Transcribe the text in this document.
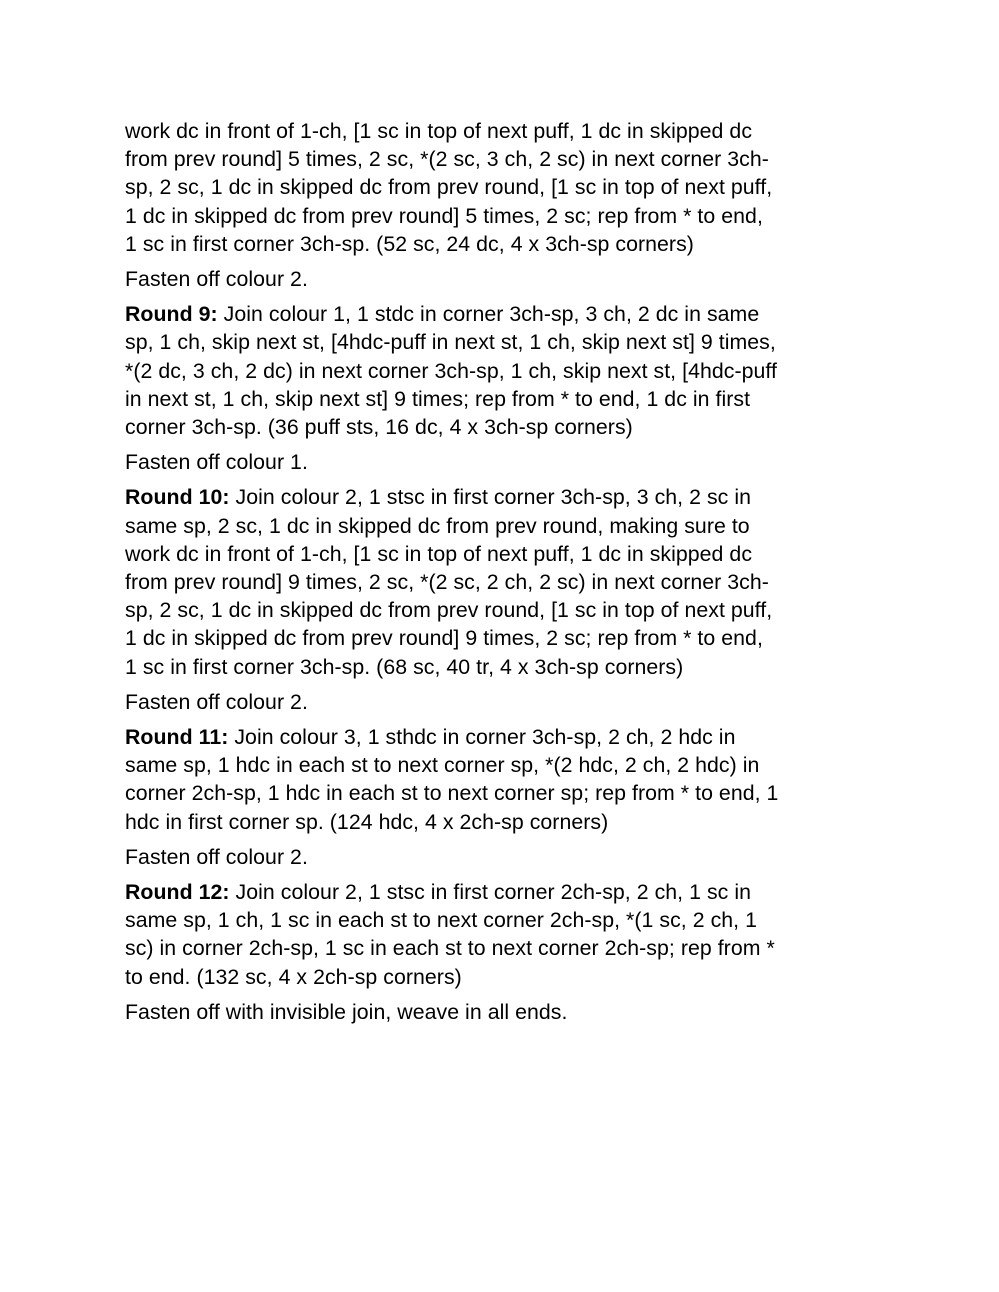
work dc in front of 1-ch, [1 sc in top of next puff, 1 dc in skipped dc
from prev round] 5 times, 2 sc, *(2 sc, 3 ch, 2 sc) in next corner 3ch-
sp, 2 sc, 1 dc in skipped dc from prev round, [1 sc in top of next puff,
1 dc in skipped dc from prev round] 5 times, 2 sc; rep from * to end,
1 sc in first corner 3ch-sp. (52 sc, 24 dc, 4 x 3ch-sp corners)

Fasten off colour 2.

Round 9: Join colour 1, 1 stdc in corner 3ch-sp, 3 ch, 2 dc in same
sp, 1 ch, skip next st, [4hdc-puff in next st, 1 ch, skip next st] 9 times,
*(2 dc, 3 ch, 2 dc) in next corner 3ch-sp, 1 ch, skip next st, [4hdc-puff
in next st, 1 ch, skip next st] 9 times; rep from * to end, 1 dc in first
corner 3ch-sp. (36 puff sts, 16 dc, 4 x 3ch-sp corners)

Fasten off colour 1.

Round 10: Join colour 2, 1 stsc in first corner 3ch-sp, 3 ch, 2 sc in
same sp, 2 sc, 1 dc in skipped dc from prev round, making sure to
work dc in front of 1-ch, [1 sc in top of next puff, 1 dc in skipped dc
from prev round] 9 times, 2 sc, *(2 sc, 2 ch, 2 sc) in next corner 3ch-
sp, 2 sc, 1 dc in skipped dc from prev round, [1 sc in top of next puff,
1 dc in skipped dc from prev round] 9 times, 2 sc; rep from * to end,
1 sc in first corner 3ch-sp. (68 sc, 40 tr, 4 x 3ch-sp corners)

Fasten off colour 2.

Round 11: Join colour 3, 1 sthdc in corner 3ch-sp, 2 ch, 2 hdc in
same sp, 1 hdc in each st to next corner sp, *(2 hdc, 2 ch, 2 hdc) in
corner 2ch-sp, 1 hdc in each st to next corner sp; rep from * to end, 1
hdc in first corner sp. (124 hdc, 4 x 2ch-sp corners)

Fasten off colour 2.

Round 12: Join colour 2, 1 stsc in first corner 2ch-sp, 2 ch, 1 sc in
same sp, 1 ch, 1 sc in each st to next corner 2ch-sp, *(1 sc, 2 ch, 1
sc) in corner 2ch-sp, 1 sc in each st to next corner 2ch-sp; rep from *
to end. (132 sc, 4 x 2ch-sp corners)

Fasten off with invisible join, weave in all ends.
